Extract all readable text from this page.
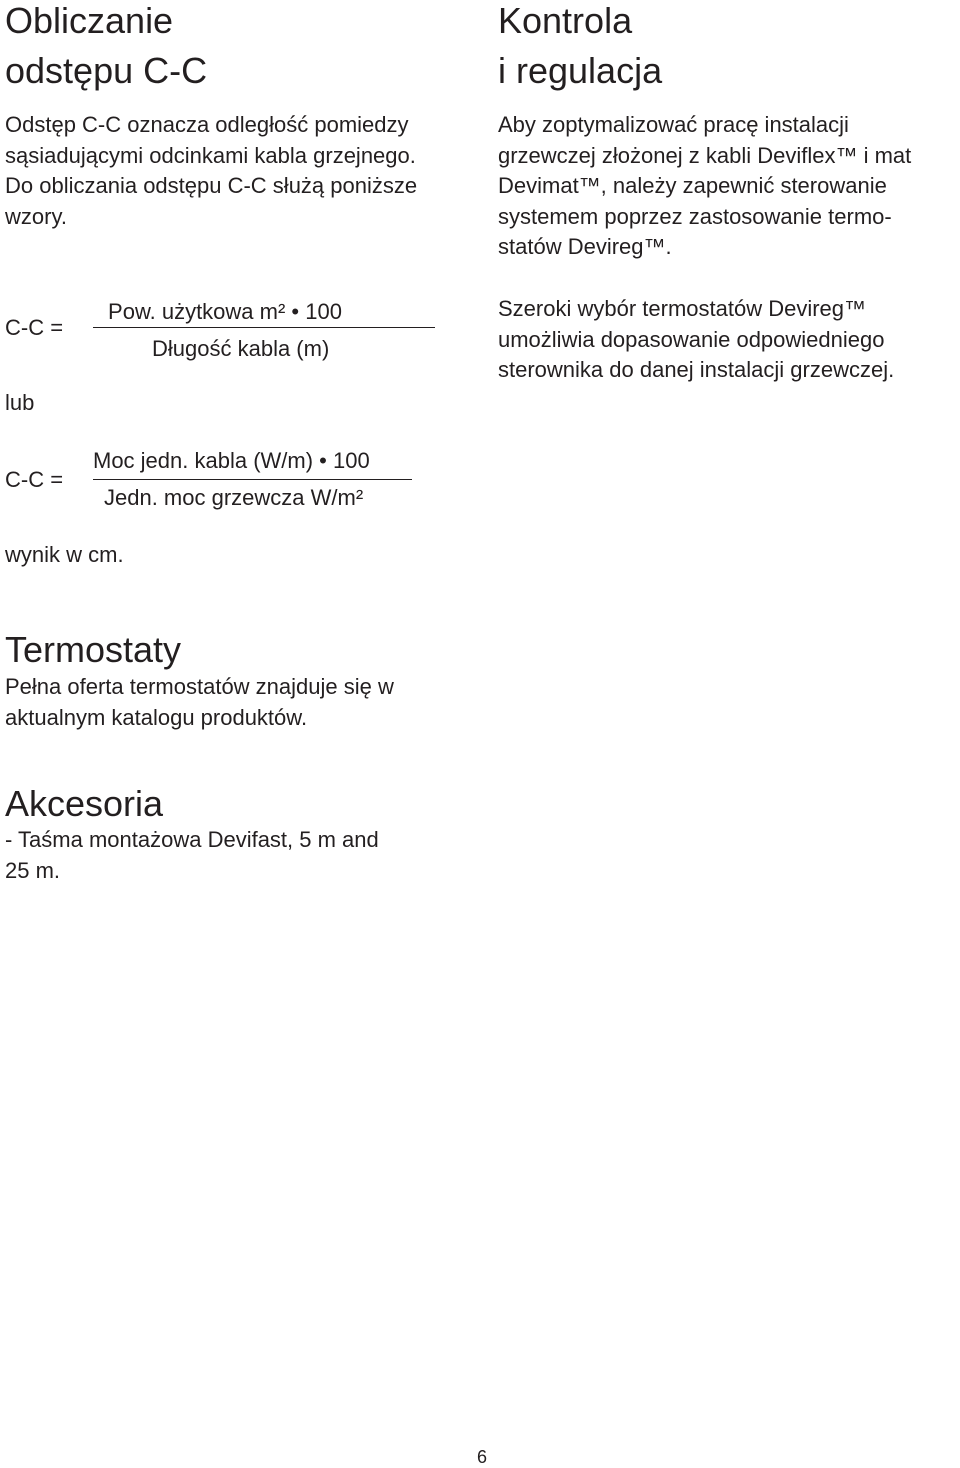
Obliczanie
odstępu C-C
Odstęp C-C oznacza odległość pomiedzy
sąsiadującymi odcinkami kabla grzejnego.
Do obliczania odstępu C-C służą poniższe
wzory.
C-C =
Pow. użytkowa m² • 100
Długość kabla (m)
lub
C-C =
Moc jedn. kabla (W/m) • 100
Jedn. moc grzewcza W/m²
wynik w cm.
Termostaty
Pełna oferta termostatów znajduje się w
aktualnym katalogu produktów.
Akcesoria
- Taśma montażowa Devifast, 5 m and
25 m.
Kontrola
i regulacja
Aby zoptymalizować pracę instalacji
grzewczej złożonej z kabli Deviflex™ i mat
Devimat™, należy zapewnić sterowanie
systemem poprzez zastosowanie termo-
statów Devireg™.
Szeroki wybór termostatów Devireg™
umożliwia dopasowanie odpowiedniego
sterownika do danej instalacji grzewczej.
6
